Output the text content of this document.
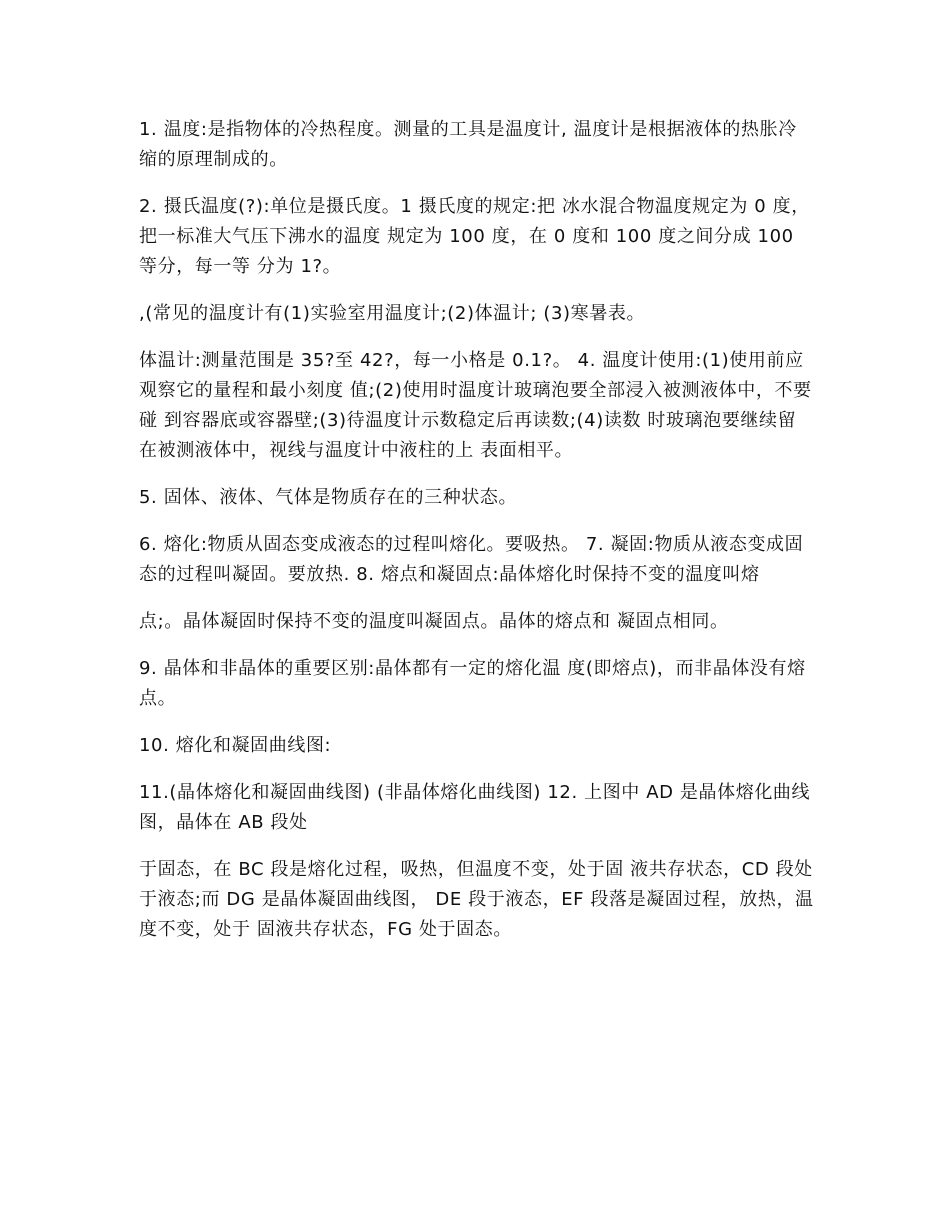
1. 温度:是指物体的冷热程度。测量的工具是温度计, 温度计是根据液体的热胀冷缩的原理制成的。

2. 摄氏温度(?):单位是摄氏度。1 摄氏度的规定:把 冰水混合物温度规定为 0 度，把一标准大气压下沸水的温度 规定为 100 度，在 0 度和 100 度之间分成 100 等分，每一等 分为 1?。

,(常见的温度计有(1)实验室用温度计;(2)体温计; (3)寒暑表。

体温计:测量范围是 35?至 42?，每一小格是 0.1?。 4. 温度计使用:(1)使用前应观察它的量程和最小刻度 值;(2)使用时温度计玻璃泡要全部浸入被测液体中，不要碰 到容器底或容器壁;(3)待温度计示数稳定后再读数;(4)读数 时玻璃泡要继续留在被测液体中，视线与温度计中液柱的上 表面相平。

5. 固体、液体、气体是物质存在的三种状态。

6. 熔化:物质从固态变成液态的过程叫熔化。要吸热。 7. 凝固:物质从液态变成固态的过程叫凝固。要放热. 8. 熔点和凝固点:晶体熔化时保持不变的温度叫熔

点;。晶体凝固时保持不变的温度叫凝固点。晶体的熔点和 凝固点相同。

9. 晶体和非晶体的重要区别:晶体都有一定的熔化温 度(即熔点)，而非晶体没有熔点。

10. 熔化和凝固曲线图:

11.(晶体熔化和凝固曲线图) (非晶体熔化曲线图) 12. 上图中 AD 是晶体熔化曲线图，晶体在 AB 段处

于固态，在 BC 段是熔化过程，吸热，但温度不变，处于固 液共存状态，CD 段处于液态;而 DG 是晶体凝固曲线图， DE 段于液态，EF 段落是凝固过程，放热，温度不变，处于 固液共存状态，FG 处于固态。
